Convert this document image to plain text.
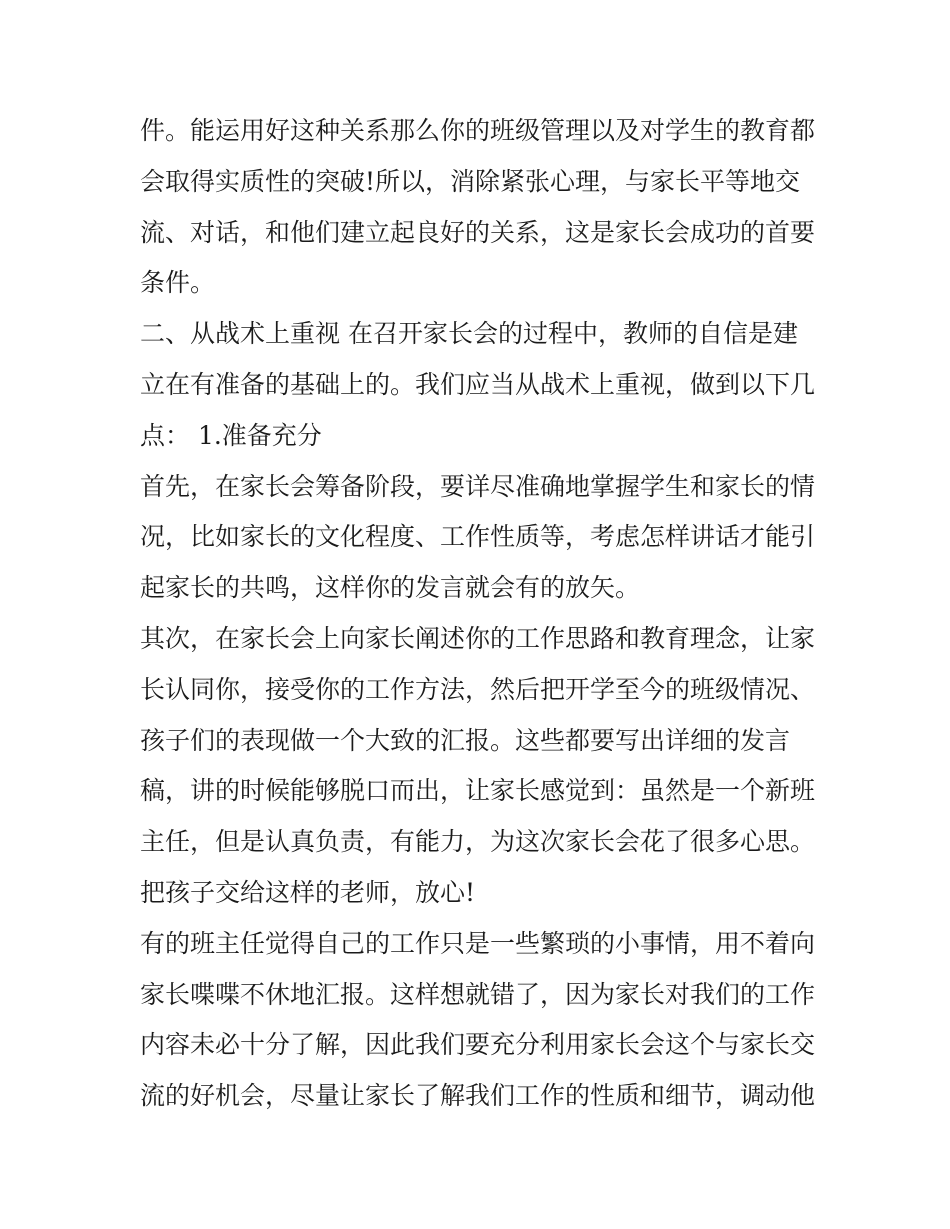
件。能运用好这种关系那么你的班级管理以及对学生的教育都
会取得实质性的突破!所以，消除紧张心理，与家长平等地交
流、对话，和他们建立起良好的关系，这是家长会成功的首要
条件。
二、从战术上重视 在召开家长会的过程中，教师的自信是建
立在有准备的基础上的。我们应当从战术上重视，做到以下几
点： 1.准备充分
首先，在家长会筹备阶段，要详尽准确地掌握学生和家长的情
况，比如家长的文化程度、工作性质等，考虑怎样讲话才能引
起家长的共鸣，这样你的发言就会有的放矢。
其次，在家长会上向家长阐述你的工作思路和教育理念，让家
长认同你，接受你的工作方法，然后把开学至今的班级情况、
孩子们的表现做一个大致的汇报。这些都要写出详细的发言
稿，讲的时候能够脱口而出，让家长感觉到：虽然是一个新班
主任，但是认真负责，有能力，为这次家长会花了很多心思。
把孩子交给这样的老师，放心!
有的班主任觉得自己的工作只是一些繁琐的小事情，用不着向
家长喋喋不休地汇报。这样想就错了，因为家长对我们的工作
内容未必十分了解，因此我们要充分利用家长会这个与家长交
流的好机会，尽量让家长了解我们工作的性质和细节，调动他
